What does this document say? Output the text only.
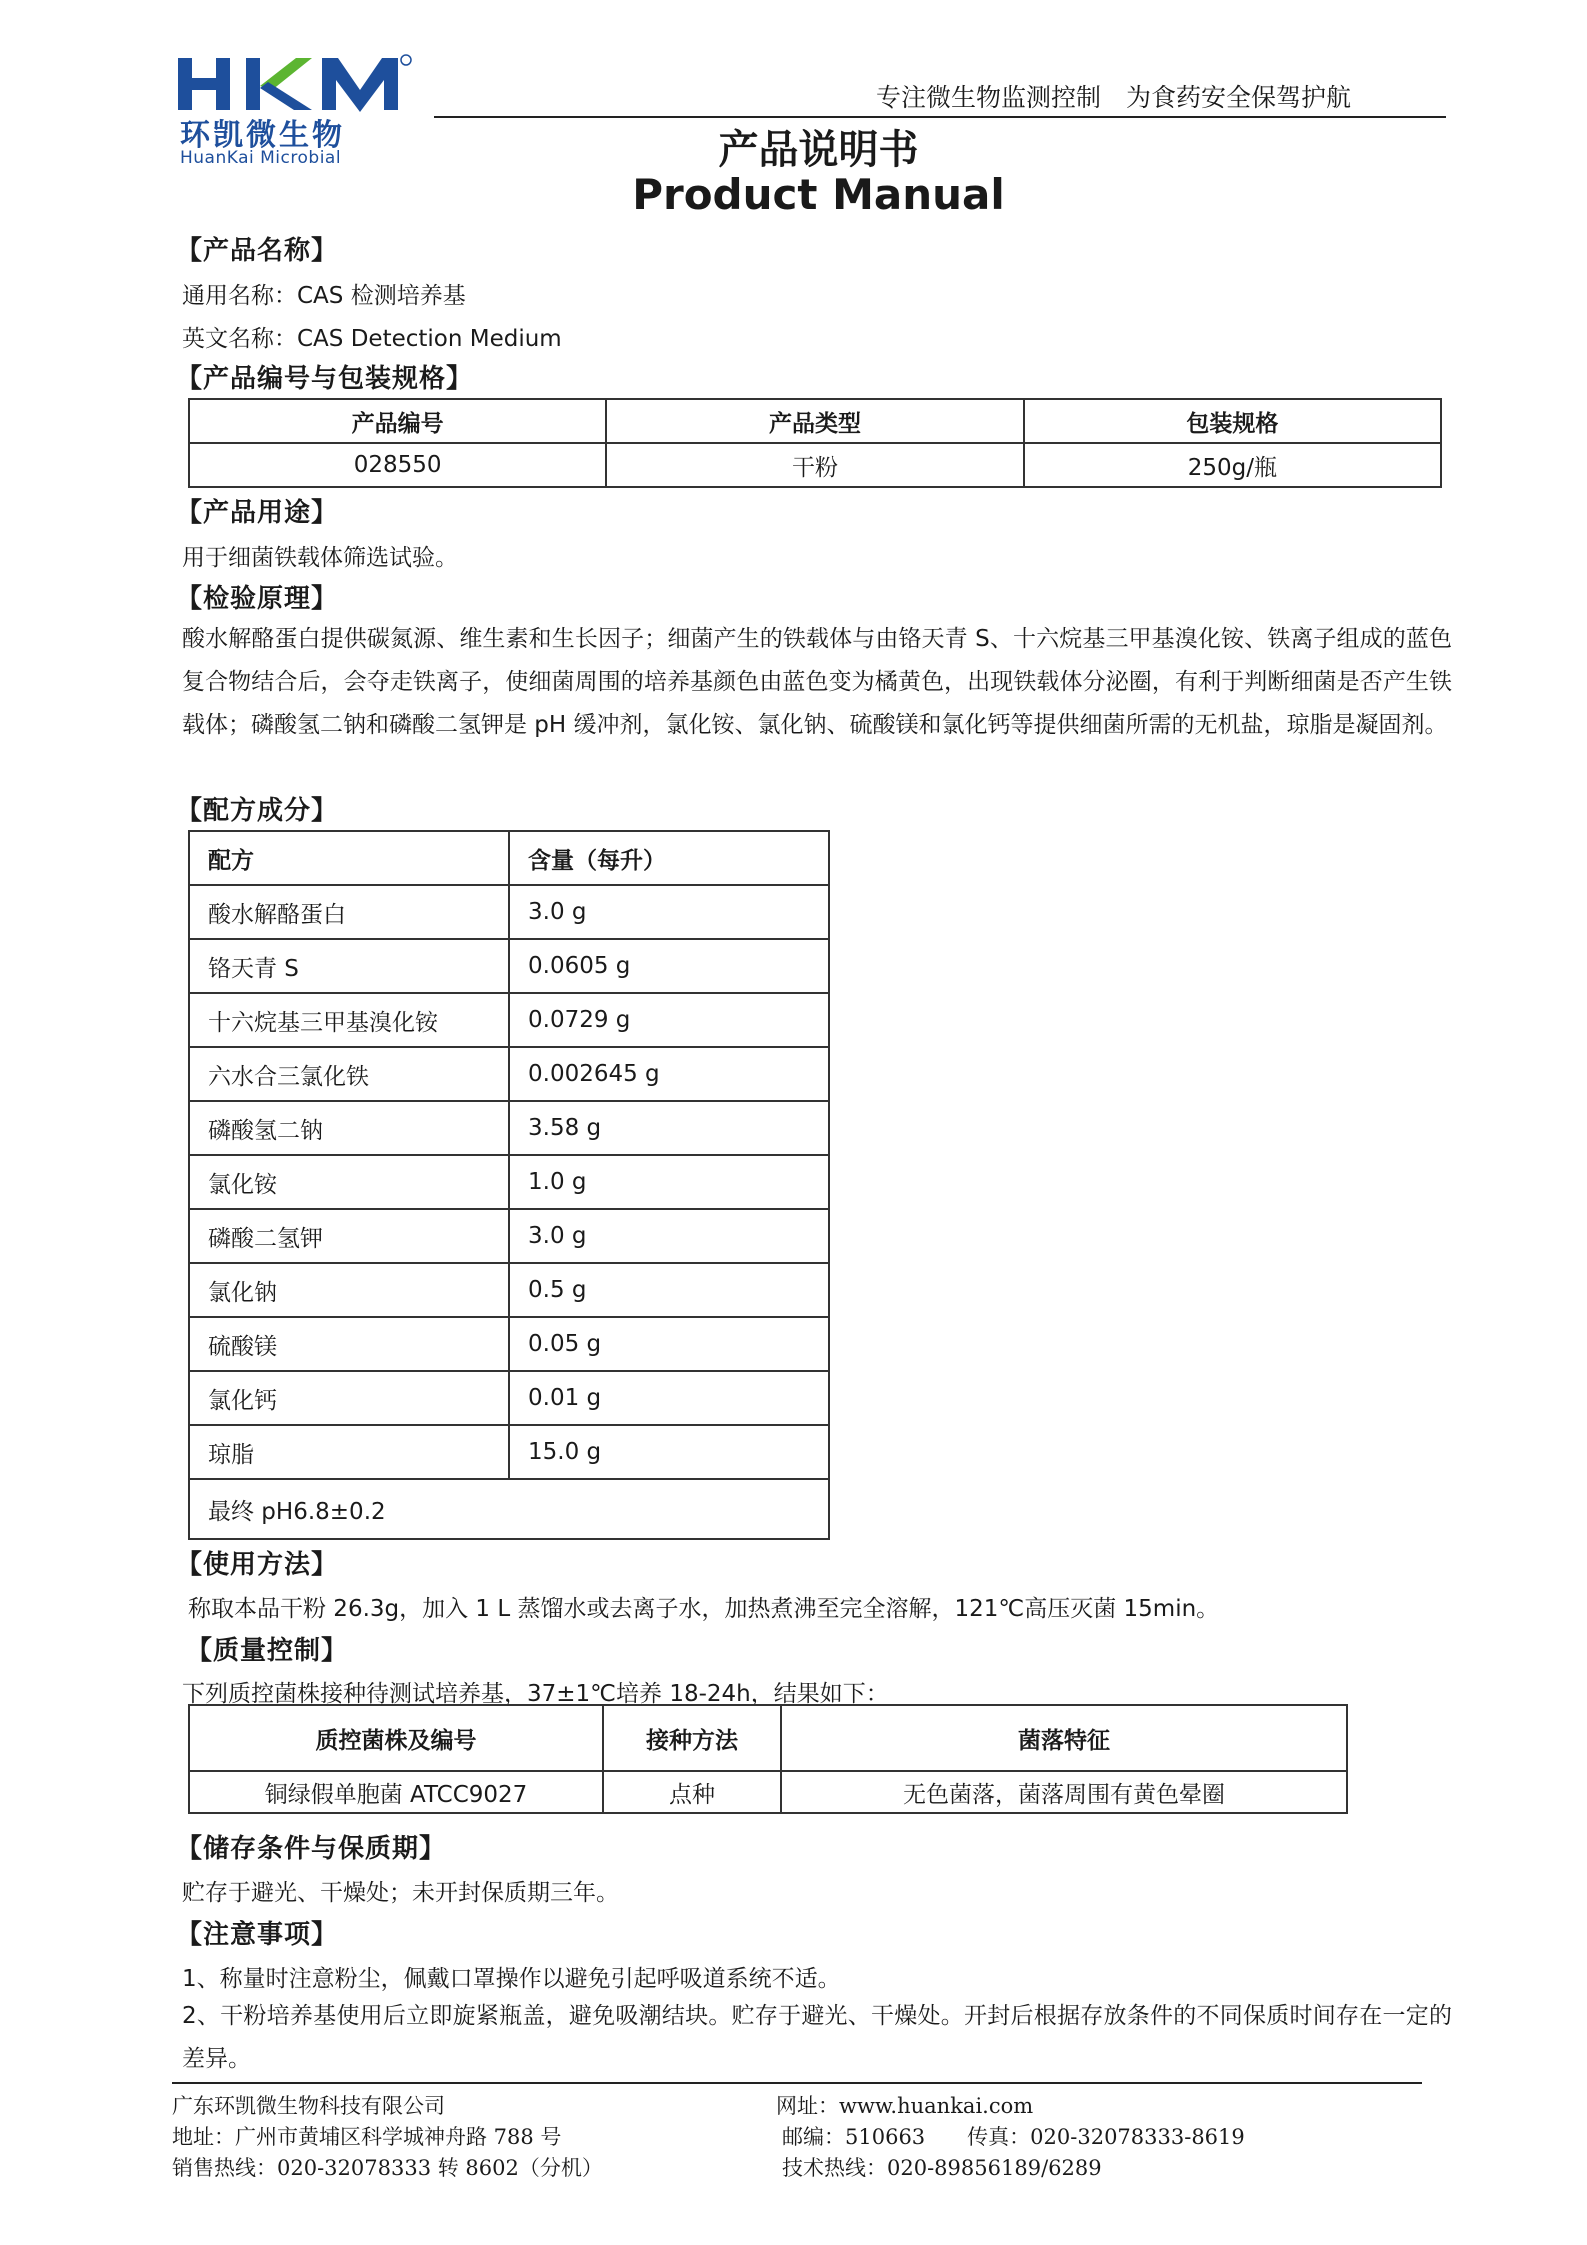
环凯微生物
HuanKai Microbial
专注微生物监测控制　为食药安全保驾护航
产品说明书
Product Manual
【产品名称】
通用名称：CAS 检测培养基
英文名称：CAS Detection Medium
【产品编号与包装规格】
产品编号	产品类型	包装规格
028550	干粉	250g/瓶
【产品用途】
用于细菌铁载体筛选试验。
【检验原理】
酸水解酪蛋白提供碳氮源、维生素和生长因子；细菌产生的铁载体与由铬天青 S、十六烷基三甲基溴化铵、铁离子组成的蓝色复合物结合后，会夺走铁离子，使细菌周围的培养基颜色由蓝色变为橘黄色，出现铁载体分泌圈，有利于判断细菌是否产生铁载体；磷酸氢二钠和磷酸二氢钾是 pH 缓冲剂，氯化铵、氯化钠、硫酸镁和氯化钙等提供细菌所需的无机盐，琼脂是凝固剂。
【配方成分】
配方	含量（每升）
酸水解酪蛋白	3.0 g
铬天青 S	0.0605 g
十六烷基三甲基溴化铵	0.0729 g
六水合三氯化铁	0.002645 g
磷酸氢二钠	3.58 g
氯化铵	1.0 g
磷酸二氢钾	3.0 g
氯化钠	0.5 g
硫酸镁	0.05 g
氯化钙	0.01 g
琼脂	15.0 g
最终 pH6.8±0.2	
【使用方法】
称取本品干粉 26.3g，加入 1 L 蒸馏水或去离子水，加热煮沸至完全溶解，121℃高压灭菌 15min。
【质量控制】
下列质控菌株接种待测试培养基，37±1℃培养 18-24h，结果如下：
质控菌株及编号	接种方法	菌落特征
铜绿假单胞菌 ATCC9027	点种	无色菌落，菌落周围有黄色晕圈
【储存条件与保质期】
贮存于避光、干燥处；未开封保质期三年。
【注意事项】
1、称量时注意粉尘，佩戴口罩操作以避免引起呼吸道系统不适。
2、干粉培养基使用后立即旋紧瓶盖，避免吸潮结块。贮存于避光、干燥处。开封后根据存放条件的不同保质时间存在一定的差异。
广东环凯微生物科技有限公司
地址：广州市黄埔区科学城神舟路 788 号
销售热线：020-32078333 转 8602（分机）
网址：www.huankai.com
邮编：510663　　传真：020-32078333-8619
技术热线：020-89856189/6289
